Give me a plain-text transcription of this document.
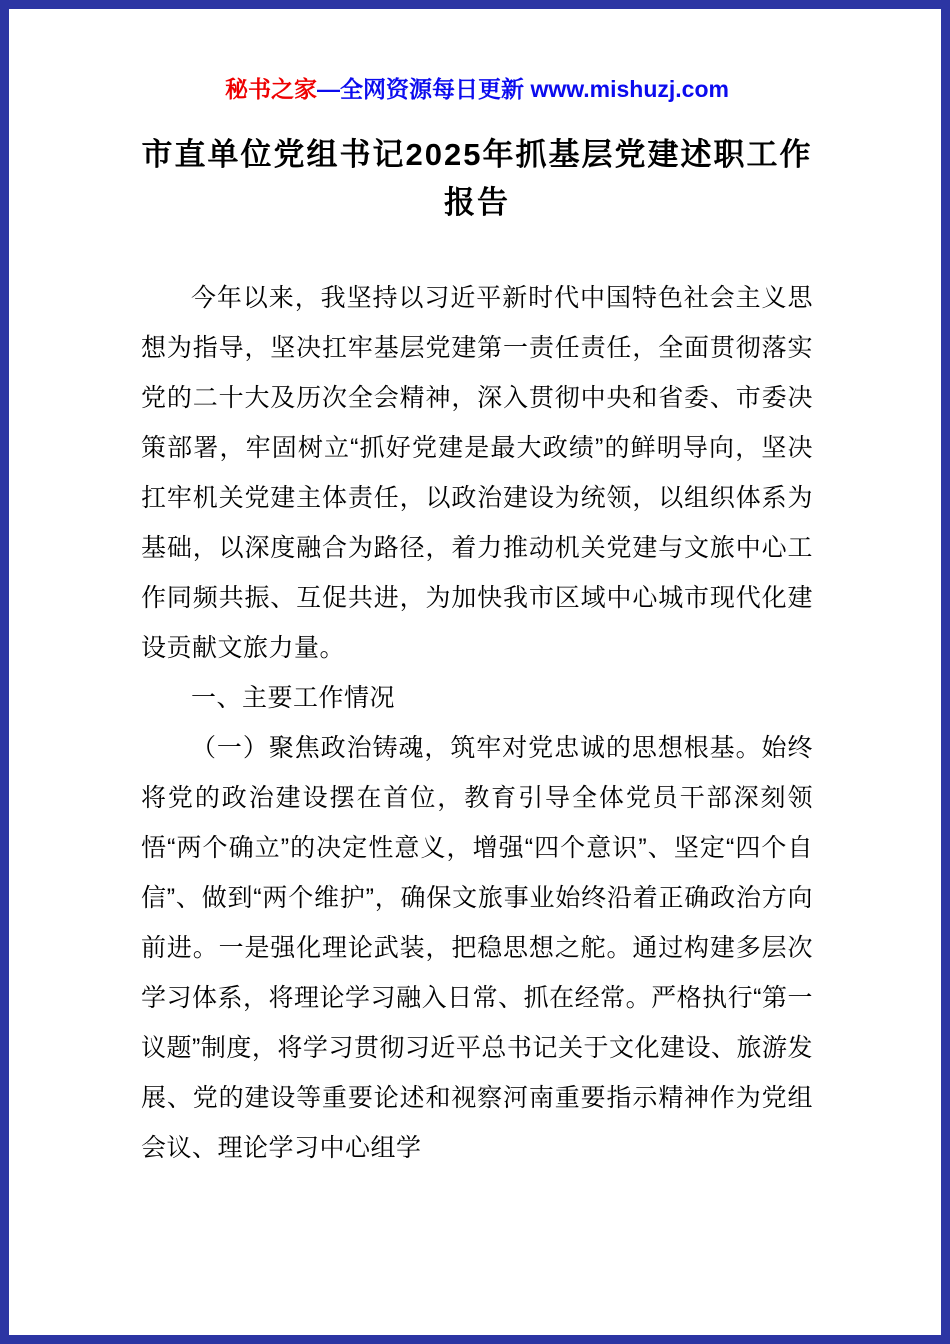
秘书之家—全网资源每日更新 www.mishuzj.com
市直单位党组书记2025年抓基层党建述职工作
报告

今年以来，我坚持以习近平新时代中国特色社会主义思想为指导，坚决扛牢基层党建第一责任责任，全面贯彻落实党的二十大及历次全会精神，深入贯彻中央和省委、市委决策部署，牢固树立“抓好党建是最大政绩”的鲜明导向，坚决扛牢机关党建主体责任，以政治建设为统领，以组织体系为基础，以深度融合为路径，着力推动机关党建与文旅中心工作同频共振、互促共进，为加快我市区域中心城市现代化建设贡献文旅力量。

一、主要工作情况

（一）聚焦政治铸魂，筑牢对党忠诚的思想根基。始终将党的政治建设摆在首位，教育引导全体党员干部深刻领悟“两个确立”的决定性意义，增强“四个意识”、坚定“四个自信”、做到“两个维护”，确保文旅事业始终沿着正确政治方向前进。一是强化理论武装，把稳思想之舵。通过构建多层次学习体系，将理论学习融入日常、抓在经常。严格执行“第一议题”制度，将学习贯彻习近平总书记关于文化建设、旅游发展、党的建设等重要论述和视察河南重要指示精神作为党组会议、理论学习中心组学
